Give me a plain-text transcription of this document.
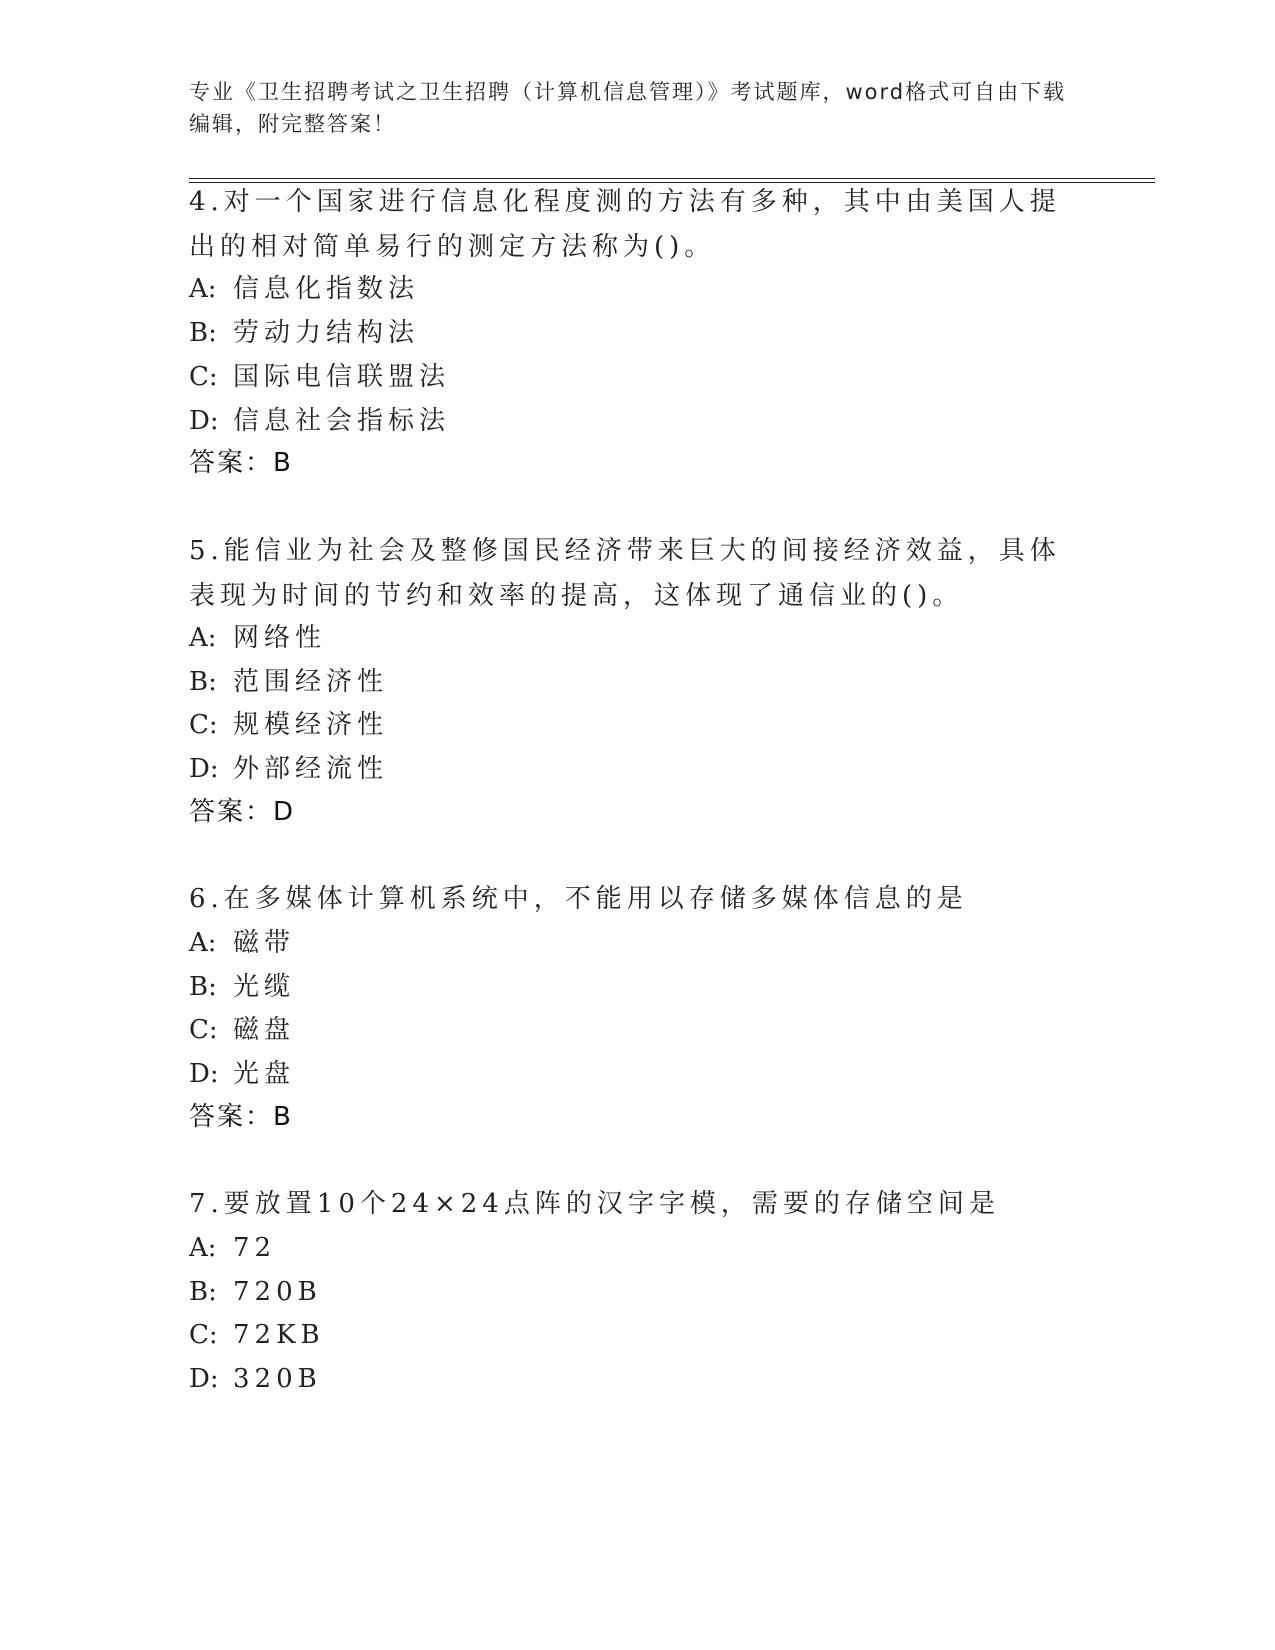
专业《卫生招聘考试之卫生招聘（计算机信息管理）》考试题库，word格式可自由下载编辑，附完整答案！
4.对一个国家进行信息化程度测的方法有多种，其中由美国人提出的相对简单易行的测定方法称为()。
A: 信息化指数法
B: 劳动力结构法
C: 国际电信联盟法
D: 信息社会指标法
答案：B
5.能信业为社会及整修国民经济带来巨大的间接经济效益，具体表现为时间的节约和效率的提高，这体现了通信业的()。
A: 网络性
B: 范围经济性
C: 规模经济性
D: 外部经流性
答案：D
6.在多媒体计算机系统中，不能用以存储多媒体信息的是
A: 磁带
B: 光缆
C: 磁盘
D: 光盘
答案：B
7.要放置10个24×24点阵的汉字字模，需要的存储空间是
A: 72
B: 720B
C: 72KB
D: 320B
